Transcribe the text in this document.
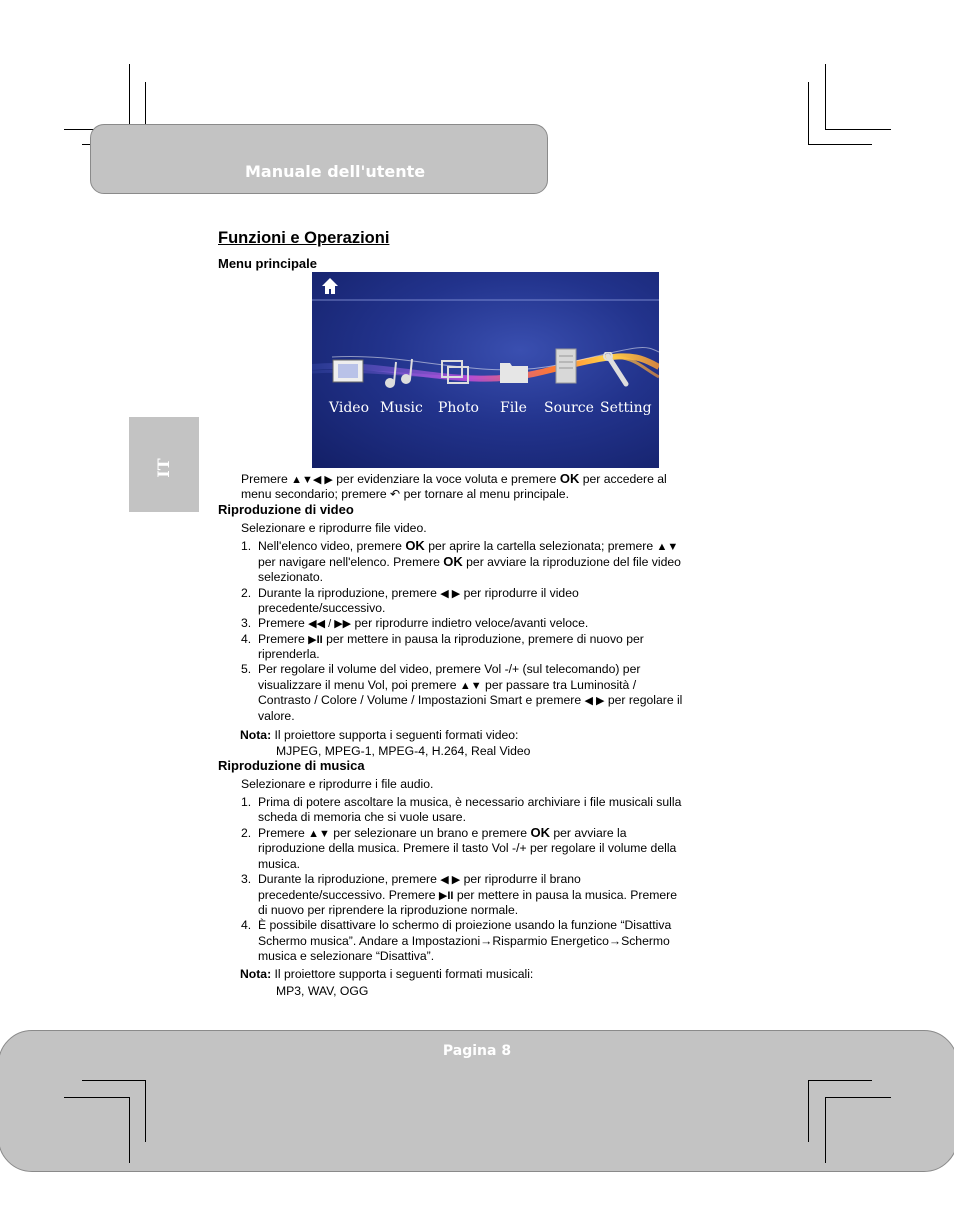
Manuale dell'utente
IT
Funzioni e Operazioni
Menu principale
Video Music Photo File Source Setting
Premere ▲▼◀ ▶ per evidenziare la voce voluta e premere OK per accedere al
menu secondario; premere ↶ per tornare al menu principale.
Riproduzione di video
Selezionare e riprodurre file video.
1. Nell'elenco video, premere OK per aprire la cartella selezionata; premere ▲▼
per navigare nell'elenco. Premere OK per avviare la riproduzione del file video
selezionato.
2. Durante la riproduzione, premere ◀ ▶ per riprodurre il video
precedente/successivo.
3. Premere ◀◀ / ▶▶ per riprodurre indietro veloce/avanti veloce.
4. Premere ▶II per mettere in pausa la riproduzione, premere di nuovo per
riprenderla.
5. Per regolare il volume del video, premere Vol -/+ (sul telecomando) per
visualizzare il menu Vol, poi premere ▲▼ per passare tra Luminosità /
Contrasto / Colore / Volume / Impostazioni Smart e premere ◀ ▶ per regolare il
valore.
Nota: Il proiettore supporta i seguenti formati video:
MJPEG, MPEG-1, MPEG-4, H.264, Real Video
Riproduzione di musica
Selezionare e riprodurre i file audio.
1. Prima di potere ascoltare la musica, è necessario archiviare i file musicali sulla
scheda di memoria che si vuole usare.
2. Premere ▲▼ per selezionare un brano e premere OK per avviare la
riproduzione della musica. Premere il tasto Vol -/+ per regolare il volume della
musica.
3. Durante la riproduzione, premere ◀ ▶ per riprodurre il brano
precedente/successivo. Premere ▶II per mettere in pausa la musica. Premere
di nuovo per riprendere la riproduzione normale.
4. È possibile disattivare lo schermo di proiezione usando la funzione “Disattiva
Schermo musica”. Andare a Impostazioni→Risparmio Energetico→Schermo
musica e selezionare “Disattiva”.
Nota: Il proiettore supporta i seguenti formati musicali:
MP3, WAV, OGG
Pagina 8
